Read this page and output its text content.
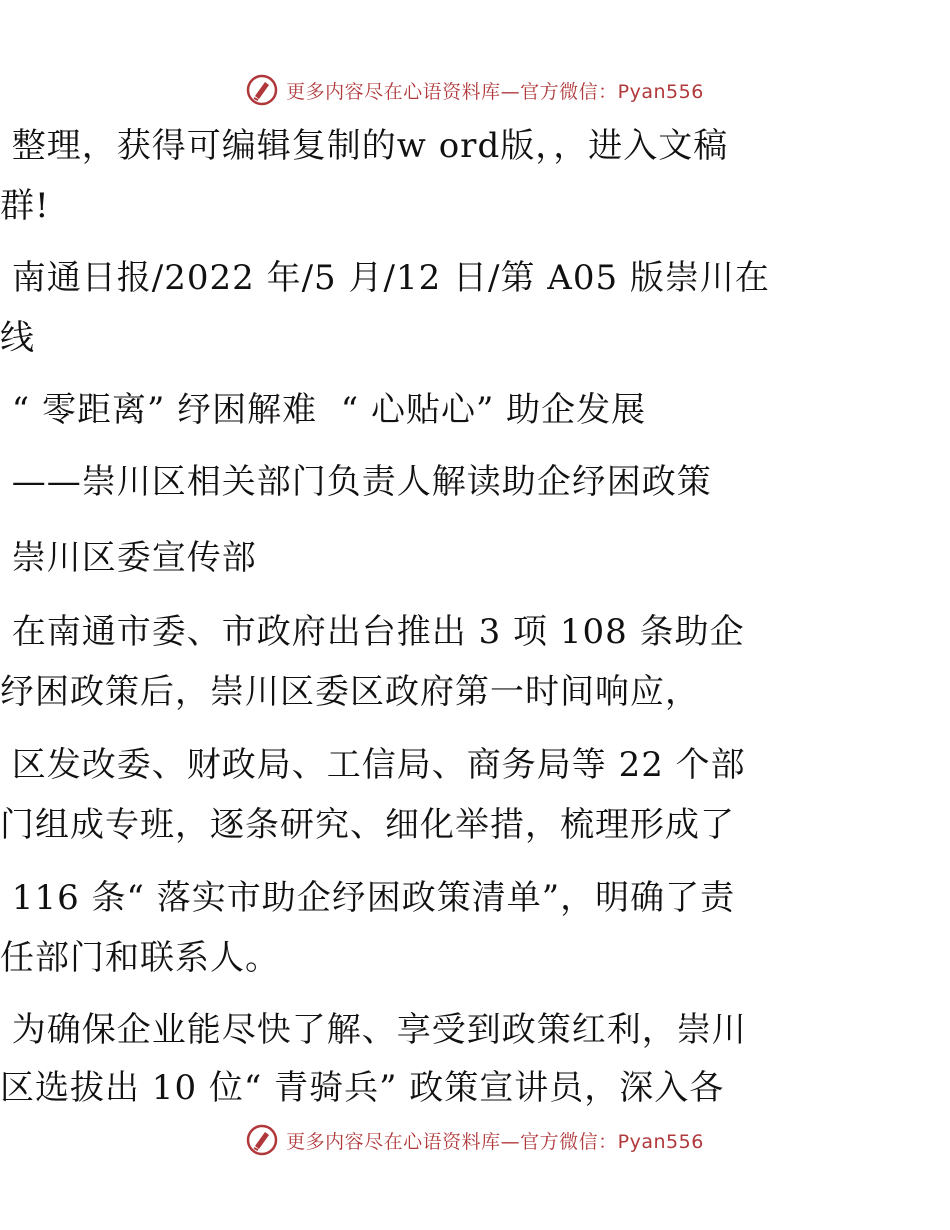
更多内容尽在心语资料库—官方微信：Pyan556
整理，获得可编辑复制的w ord版，，进入文稿
群!
南通日报/2022 年/5 月/12 日/第 A05 版崇川在
线
“ 零距离” 纾困解难  “ 心贴心” 助企发展
——崇川区相关部门负责人解读助企纾困政策
崇川区委宣传部
在南通市委、市政府出台推出 3 项 108 条助企
纾困政策后，崇川区委区政府第一时间响应，
区发改委、财政局、工信局、商务局等 22 个部
门组成专班，逐条研究、细化举措，梳理形成了
116 条“ 落实市助企纾困政策清单”，明确了责
任部门和联系人。
为确保企业能尽快了解、享受到政策红利，崇川
区选拔出 10 位“ 青骑兵” 政策宣讲员，深入各
更多内容尽在心语资料库—官方微信：Pyan556
